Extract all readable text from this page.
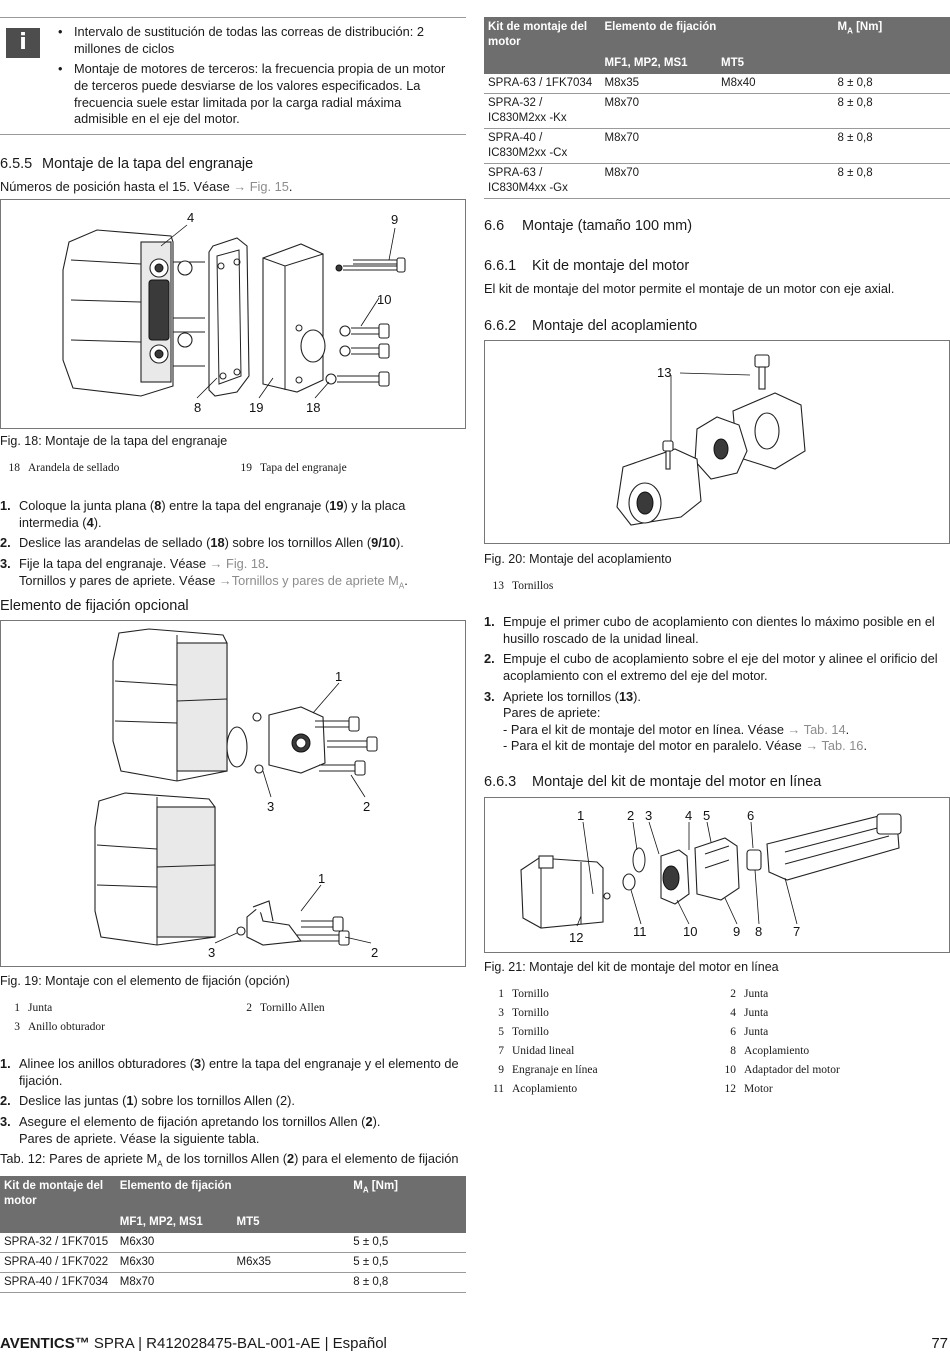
i	• Intervalo de sustitución de todas las correas de distribución: 2 millones de ciclos
• Montaje de motores de terceros: la frecuencia propia de un motor de terceros puede desviarse de los valores especificados. La frecuencia suele estar limitada por la carga radial máxima admisible en el eje del motor.
6.5.5 Montaje de la tapa del engranaje
Números de posición hasta el 15. Véase → Fig. 15.
4	9
10
8	19	18
Fig. 18: Montaje de la tapa del engranaje
18 Arandela de sellado	19 Tapa del engranaje
1. Coloque la junta plana (8) entre la tapa del engranaje (19) y la placa intermedia (4).
2. Deslice las arandelas de sellado (18) sobre los tornillos Allen (9/10).
3. Fije la tapa del engranaje. Véase → Fig. 18.
Tornillos y pares de apriete. Véase →Tornillos y pares de apriete $M_A$.
Elemento de fijación opcional
1
3	2
1
3	2
Fig. 19: Montaje con el elemento de fijación (opción)
1 Junta	2 Tornillo Allen
3 Anillo obturador
1. Alinee los anillos obturadores (3) entre la tapa del engranaje y el elemento de fijación.
2. Deslice las juntas (1) sobre los tornillos Allen (2).
3. Asegure el elemento de fijación apretando los tornillos Allen (2).
Pares de apriete. Véase la siguiente tabla.
Tab. 12: Pares de apriete $M_A$ de los tornillos Allen (2) para el elemento de fijación
Kit de montaje del motor	Elemento de fijación		$M_A$ [Nm]
	MF1, MP2, MS1	MT5	
SPRA-32 / 1FK7015	M6x30		5 ± 0,5
SPRA-40 / 1FK7022	M6x30	M6x35	5 ± 0,5
SPRA-40 / 1FK7034	M8x70		8 ± 0,8
Kit de montaje del motor	Elemento de fijación		$M_A$ [Nm]
	MF1, MP2, MS1	MT5	
SPRA-63 / 1FK7034	M8x35	M8x40	8 ± 0,8
SPRA-32 / IC830M2xx -Kx	M8x70		8 ± 0,8
SPRA-40 / IC830M2xx -Cx	M8x70		8 ± 0,8
SPRA-63 / IC830M4xx -Gx	M8x70		8 ± 0,8
6.6 Montaje (tamaño 100 mm)
6.6.1 Kit de montaje del motor
El kit de montaje del motor permite el montaje de un motor con eje axial.
6.6.2 Montaje del acoplamiento
13
Fig. 20: Montaje del acoplamiento
13 Tornillos
1. Empuje el primer cubo de acoplamiento con dientes lo máximo posible en el husillo roscado de la unidad lineal.
2. Empuje el cubo de acoplamiento sobre el eje del motor y alinee el orificio del acoplamiento con el extremo del eje del motor.
3. Apriete los tornillos (13).
Pares de apriete:
- Para el kit de montaje del motor en línea. Véase → Tab. 14.
- Para el kit de montaje del motor en paralelo. Véase → Tab. 16.
6.6.3 Montaje del kit de montaje del motor en línea
1	2 3	4 5	6
12	11	10	9 8 7
Fig. 21: Montaje del kit de montaje del motor en línea
1 Tornillo	2 Junta
3 Tornillo	4 Junta
5 Tornillo	6 Junta
7 Unidad lineal	8 Acoplamiento
9 Engranaje en línea	10 Adaptador del motor
11 Acoplamiento	12 Motor
AVENTICS™ SPRA | R412028475-BAL-001-AE | Español	77
